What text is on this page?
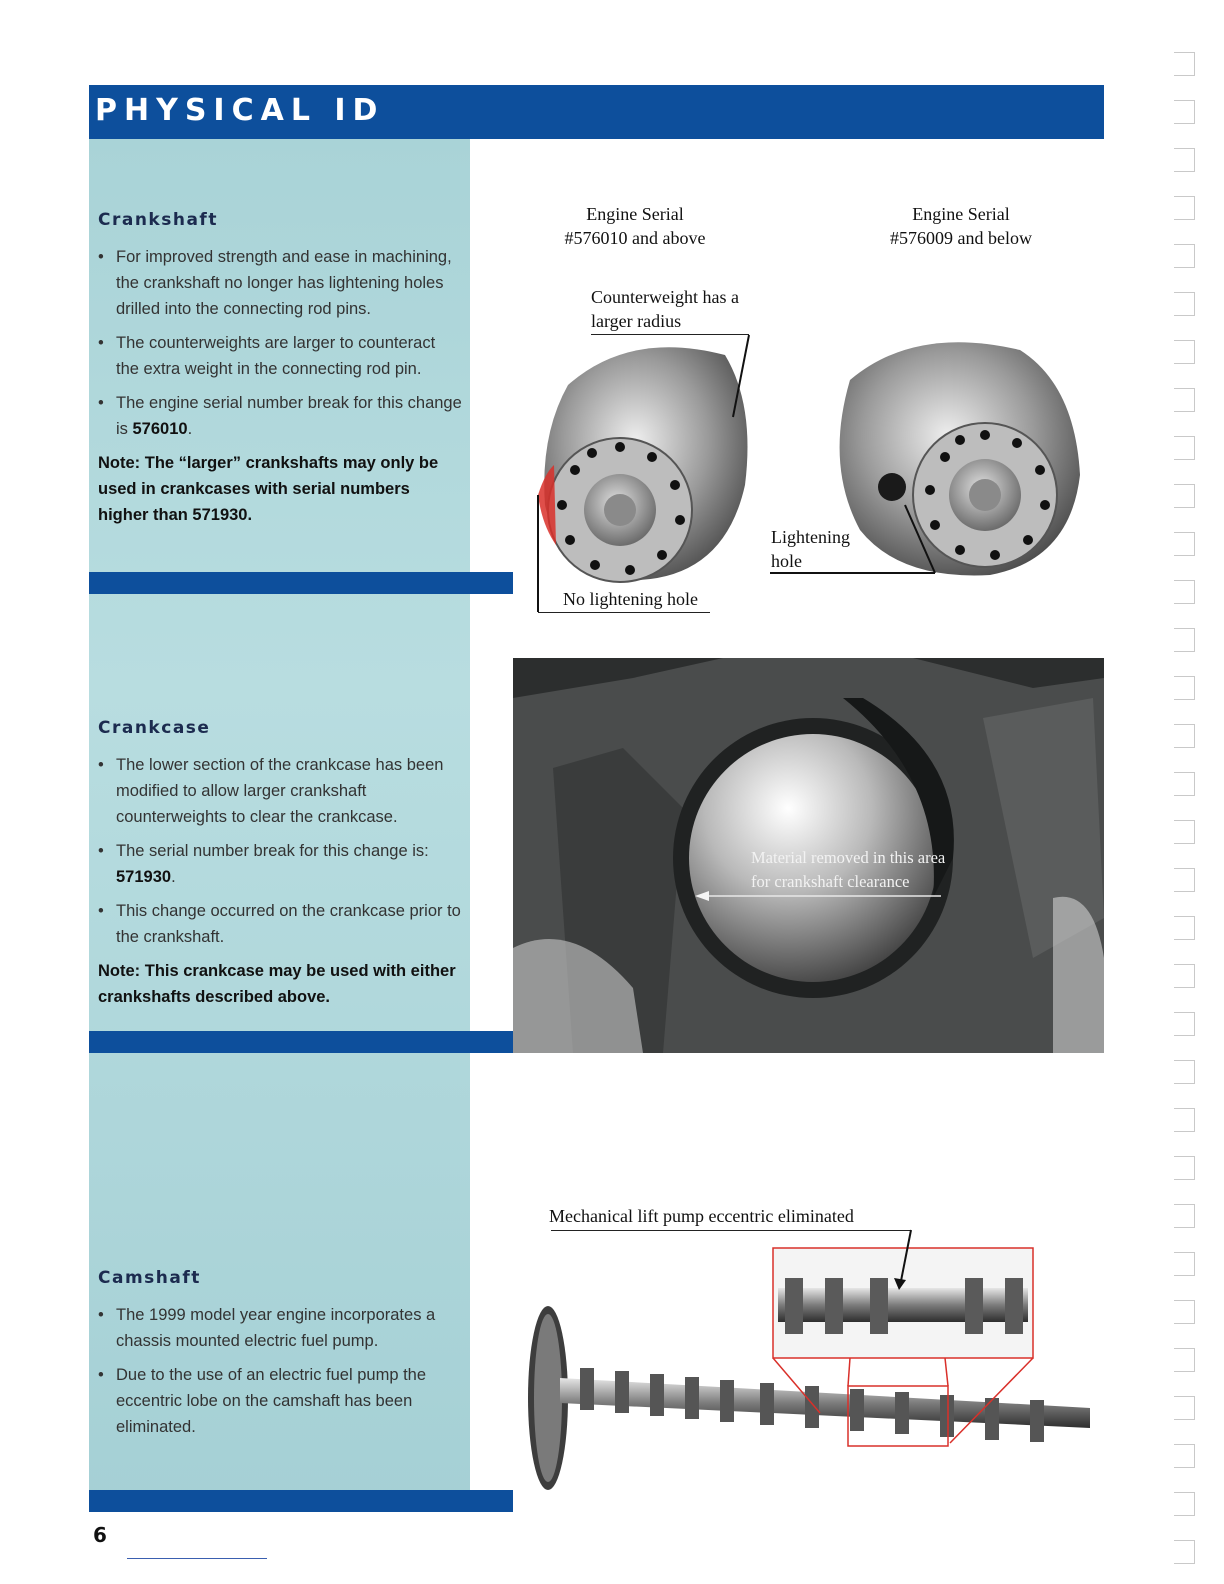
PHYSICAL ID
Crankshaft
• For improved strength and ease in machining, the crankshaft no longer has lightening holes drilled into the connecting rod pins.
• The counterweights are larger to counteract the extra weight in the connecting rod pin.
• The engine serial number break for this change is 576010.
Note: The “larger” crankshafts may only be used in crankcases with serial numbers higher than 571930.
Crankcase
• The lower section of the crankcase has been modified to allow larger crankshaft counterweights to clear the crankcase.
• The serial number break for this change is: 571930.
• This change occurred on the crankcase prior to the crankshaft.
Note: This crankcase may be used with either crankshafts described above.
Camshaft
• The 1999 model year engine incorporates a chassis mounted electric fuel pump.
• Due to the use of an electric fuel pump the eccentric lobe on the camshaft has been eliminated.
Engine Serial
#576010 and above
Engine Serial
#576009 and below
Counterweight has a
larger radius
Lightening
hole
No lightening hole
Material removed in this area
for crankshaft clearance
Mechanical lift pump eccentric eliminated
6
